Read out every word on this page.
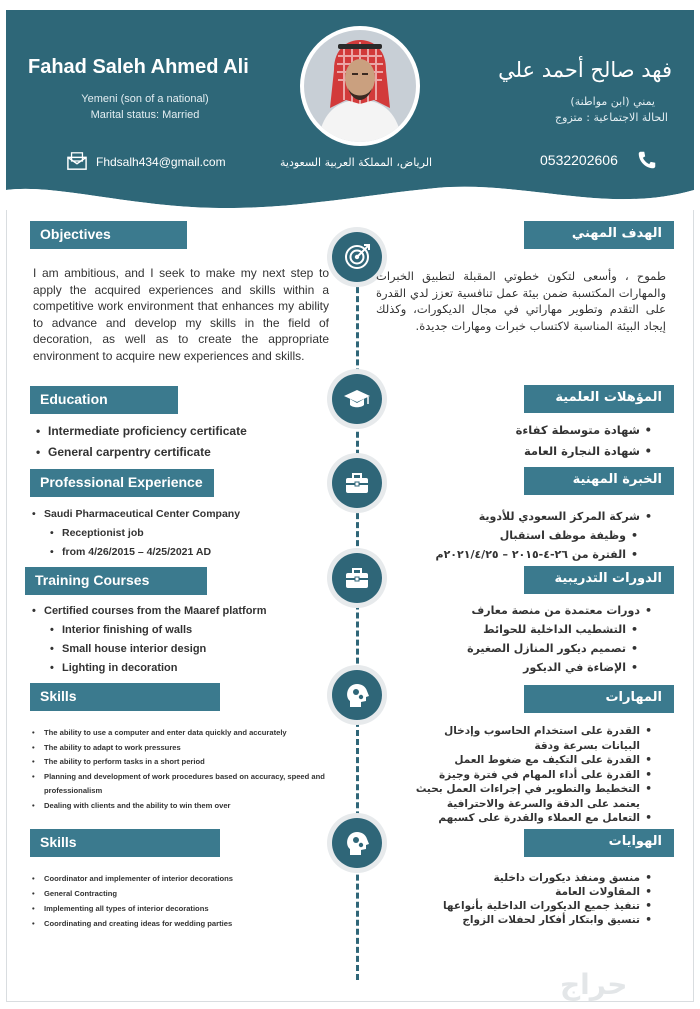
Fahad Saleh Ahmed Ali
Yemeni (son of a national)
Marital status: Married
فهد صالح أحمد علي
يمني (ابن مواطنة)
الحالة الاجتماعية : متزوج
Fhdsalh434@gmail.com	الرياض، المملكة العربية السعودية	0532202606
Objectives	الهدف المهني
I am ambitious, and I seek to make my next step to apply the acquired experiences and skills within a competitive work environment that enhances my ability to advance and develop my skills in the field of decoration, as well as to create the appropriate environment to acquire new experiences and skills.
طموح ، وأسعى لتكون خطوتي المقبلة لتطبيق الخبرات والمهارات المكتسبة ضمن بيئة عمل تنافسية تعزز لدي القدرة على التقدم وتطوير مهاراتي في مجال الديكورات، وكذلك إيجاد البيئة المناسبة لاكتساب خبرات ومهارات جديدة.
Education	المؤهلات العلمية
• Intermediate proficiency certificate
• General carpentry certificate
• شهادة متوسطة كفاءة
• شهادة النجارة العامة
Professional Experience	الخبرة المهنية
• Saudi Pharmaceutical Center Company
• Receptionist job
• from 4/26/2015 – 4/25/2021 AD
• شركة المركز السعودي للأدوية
• وظيفة موظف استقبال
• الفترة من ٢٦-٤-٢٠١٥ – ٢٠٢١/٤/٢٥م
Training Courses	الدورات التدريبية
• Certified courses from the Maaref platform
• Interior finishing of walls
• Small house interior design
• Lighting in decoration
• دورات معتمدة من منصة معارف
• التشطيب الداخلية للحوائط
• تصميم ديكور المنازل الصغيرة
• الإضاءة في الديكور
Skills	المهارات
• The ability to use a computer and enter data quickly and accurately
• The ability to adapt to work pressures
• The ability to perform tasks in a short period
• Planning and development of work procedures based on accuracy, speed and professionalism
• Dealing with clients and the ability to win them over
• القدرة على استخدام الحاسوب وإدخال البيانات بسرعة ودقة
• القدرة على التكيف مع ضغوط العمل
• القدرة على أداء المهام في فترة وجيزة
• التخطيط والتطوير في إجراءات العمل بحيث يعتمد على الدقة والسرعة والاحترافية
• التعامل مع العملاء والقدرة على كسبهم
Skills	الهوايات
• Coordinator and implementer of interior decorations
• General Contracting
• Implementing all types of interior decorations
• Coordinating and creating ideas for wedding parties
• منسق ومنفذ ديكورات داخلية
• المقاولات العامة
• تنفيذ جميع الديكورات الداخلية بأنواعها
• تنسيق وابتكار أفكار لحفلات الزواج
حراج
